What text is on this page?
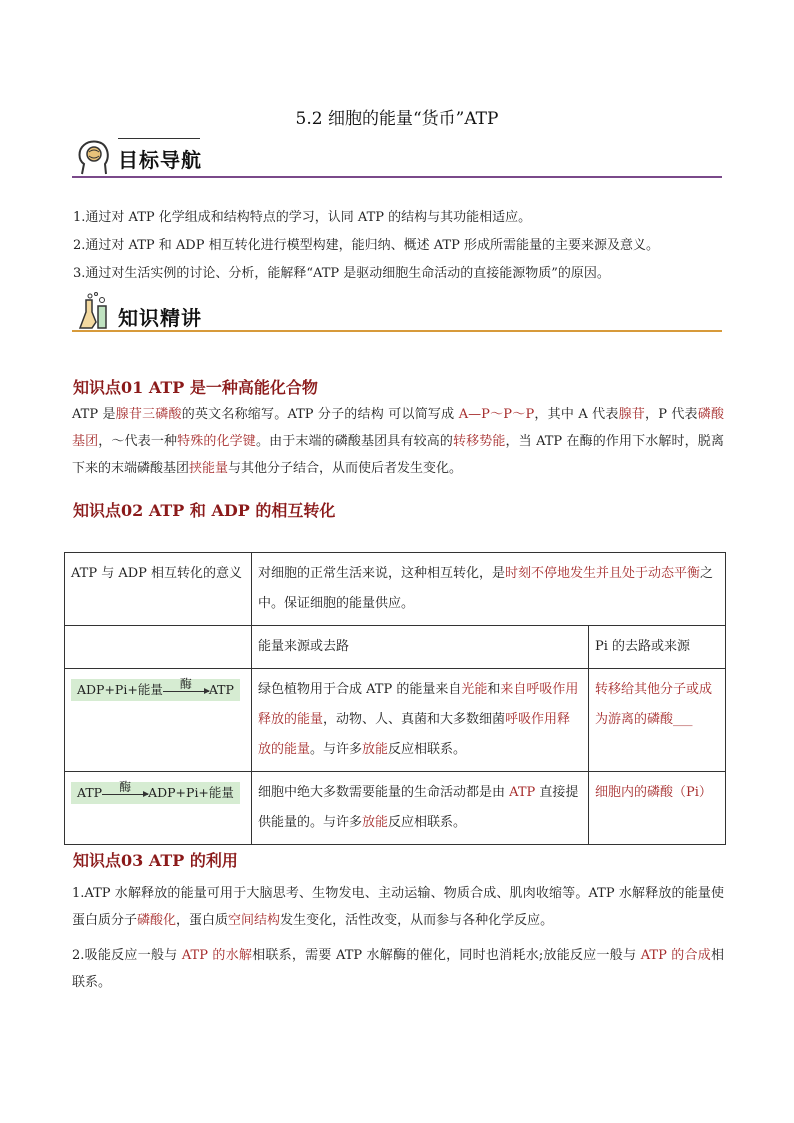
5.2 细胞的能量“货币”ATP
目标导航
1.通过对 ATP 化学组成和结构特点的学习，认同 ATP 的结构与其功能相适应。
2.通过对 ATP 和 ADP 相互转化进行模型构建，能归纳、概述 ATP 形成所需能量的主要来源及意义。
3.通过对生活实例的讨论、分析，能解释“ATP 是驱动细胞生命活动的直接能源物质”的原因。
知识精讲
知识点01 ATP 是一种高能化合物
ATP 是腺苷三磷酸的英文名称缩写。ATP 分子的结构 可以简写成 A—P～P～P，其中 A 代表腺苷，P 代表磷酸基团，～代表一种特殊的化学键。由于末端的磷酸基团具有较高的转移势能，当 ATP 在酶的作用下水解时，脱离下来的末端磷酸基团挟能量与其他分子结合，从而使后者发生变化。
知识点02 ATP 和 ADP 的相互转化
ATP 与 ADP 相互转化的意义	对细胞的正常生活来说，这种相互转化，是时刻不停地发生并且处于动态平衡之中。保证细胞的能量供应。	
	能量来源或去路	Pi 的去路或来源
ADP+Pi+能量 酶 ATP	绿色植物用于合成 ATP 的能量来自光能和来自呼吸作用释放的能量，动物、人、真菌和大多数细菌呼吸作用释放的能量。与许多放能反应相联系。	转移给其他分子或成为游离的磷酸___
ATP 酶 ADP+Pi+能量	细胞中绝大多数需要能量的生命活动都是由 ATP 直接提供能量的。与许多放能反应相联系。	细胞内的磷酸（Pi）
知识点03 ATP 的利用
1.ATP 水解释放的能量可用于大脑思考、生物发电、主动运输、物质合成、肌肉收缩等。ATP 水解释放的能量使蛋白质分子磷酸化，蛋白质空间结构发生变化，活性改变，从而参与各种化学反应。
2.吸能反应一般与 ATP 的水解相联系，需要 ATP 水解酶的催化，同时也消耗水;放能反应一般与 ATP 的合成相联系。
